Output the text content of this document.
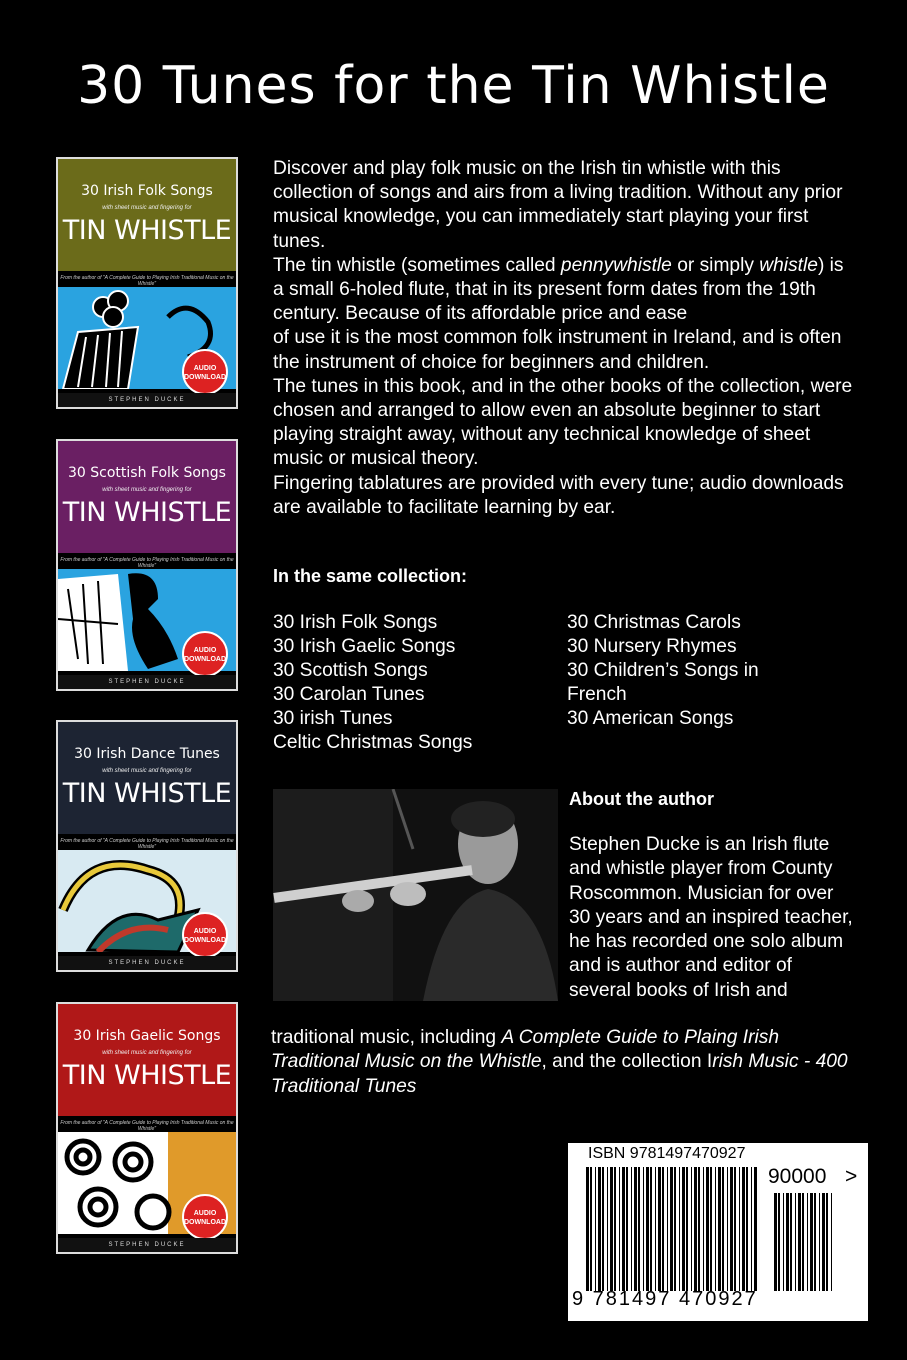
30 Tunes for the Tin Whistle
30 Irish Folk Songs
with sheet music and fingering for
TIN WHISTLE
From the author of "A Complete Guide to Playing Irish Traditional Music on the Whistle"
AUDIO DOWNLOAD
STEPHEN DUCKE
30 Scottish Folk Songs
with sheet music and fingering for
TIN WHISTLE
From the author of "A Complete Guide to Playing Irish Traditional Music on the Whistle"
AUDIO DOWNLOAD
STEPHEN DUCKE
30 Irish Dance Tunes
with sheet music and fingering for
TIN WHISTLE
From the author of "A Complete Guide to Playing Irish Traditional Music on the Whistle"
AUDIO DOWNLOAD
STEPHEN DUCKE
30 Irish Gaelic Songs
with sheet music and fingering for
TIN WHISTLE
From the author of "A Complete Guide to Playing Irish Traditional Music on the Whistle"
AUDIO DOWNLOAD
STEPHEN DUCKE

Discover and play folk music on the Irish tin whistle with this collection of songs and airs from a living tradition. Without any prior musical knowledge, you can immediately start playing your first tunes.

The tin whistle (sometimes called pennywhistle or simply whistle) is a small 6-holed flute, that in its present form dates from the 19th century. Because of its affordable price and ease

of use it is the most common folk instrument in Ireland, and is often the instrument of choice for beginners and children.

The tunes in this book, and in the other books of the collection, were chosen and arranged to allow even an absolute beginner to start playing straight away, without any technical knowledge of sheet music or musical theory.

Fingering tablatures are provided with every tune; audio downloads are available to facilitate learning by ear.

In the same collection:
30 Irish Folk Songs
30 Irish Gaelic Songs
30 Scottish Songs
30 Carolan Tunes
30 irish Tunes
Celtic Christmas Songs
30 Christmas Carols
30 Nursery Rhymes
30 Children’s Songs in French
30 American Songs
About the author
Stephen Ducke is an Irish flute and whistle player from County Roscommon. Musician for over 30 years and an inspired teacher, he has recorded one solo album and is author and editor of several books of Irish and
traditional music, including A Complete Guide to Plaing Irish Traditional Music on the Whistle, and the collection Irish Music - 400 Traditional Tunes
ISBN 9781497470927
90000 >
9 781497 470927
